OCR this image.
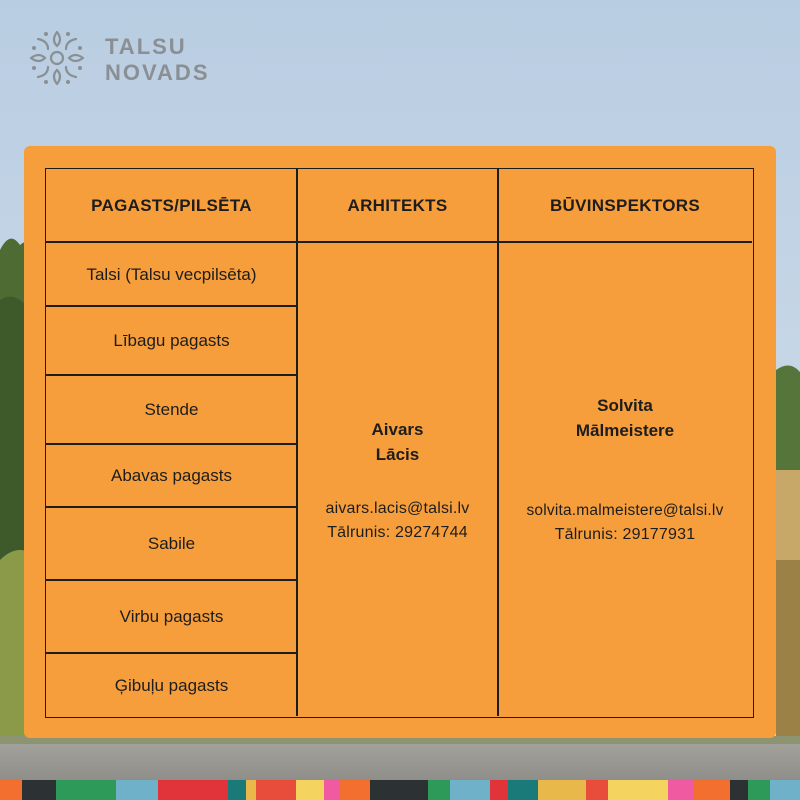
TALSU
NOVADS
PAGASTS/PILSĒTA	ARHITEKTS	BŪVINSPEKTORS
Talsi (Talsu vecpilsēta)
Lībagu pagasts
Stende
Abavas pagasts
Sabile
Virbu pagasts
Ģibuļu pagasts
Aivars
Lācis
aivars.lacis@talsi.lv
Tālrunis: 29274744
Solvita
Mālmeistere
solvita.malmeistere@talsi.lv
Tālrunis: 29177931
